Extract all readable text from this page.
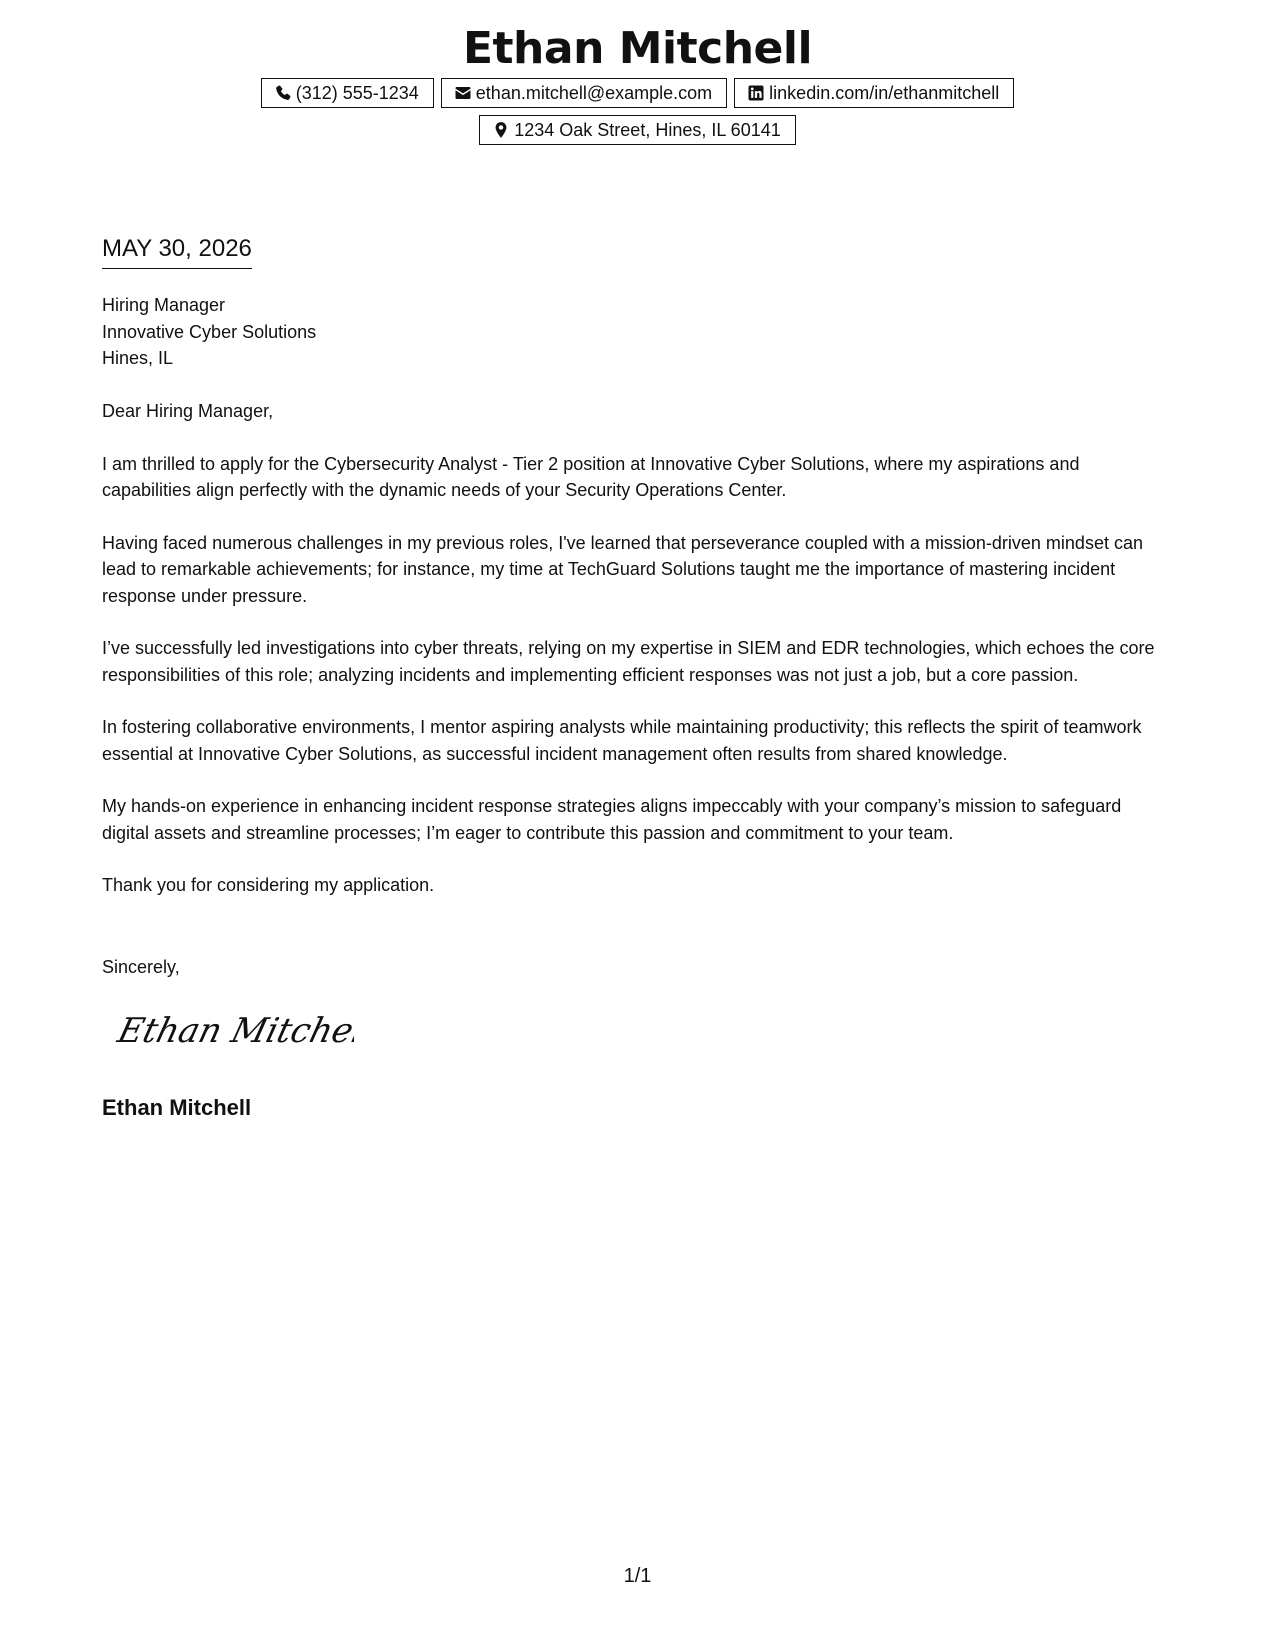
Ethan Mitchell
(312) 555-1234	ethan.mitchell@example.com	linkedin.com/in/ethanmitchell
1234 Oak Street, Hines, IL 60141
MAY 30, 2026
Hiring Manager
Innovative Cyber Solutions
Hines, IL

Dear Hiring Manager,

I am thrilled to apply for the Cybersecurity Analyst - Tier 2 position at Innovative Cyber Solutions, where my aspirations and capabilities align perfectly with the dynamic needs of your Security Operations Center.

Having faced numerous challenges in my previous roles, I've learned that perseverance coupled with a mission-driven mindset can lead to remarkable achievements; for instance, my time at TechGuard Solutions taught me the importance of mastering incident response under pressure.

I’ve successfully led investigations into cyber threats, relying on my expertise in SIEM and EDR technologies, which echoes the core responsibilities of this role; analyzing incidents and implementing efficient responses was not just a job, but a core passion.

In fostering collaborative environments, I mentor aspiring analysts while maintaining productivity; this reflects the spirit of teamwork essential at Innovative Cyber Solutions, as successful incident management often results from shared knowledge.

My hands-on experience in enhancing incident response strategies aligns impeccably with your company’s mission to safeguard digital assets and streamline processes; I’m eager to contribute this passion and commitment to your team.

Thank you for considering my application.

Sincerely,
Ethan Mitchell
Ethan Mitchell
1/1
